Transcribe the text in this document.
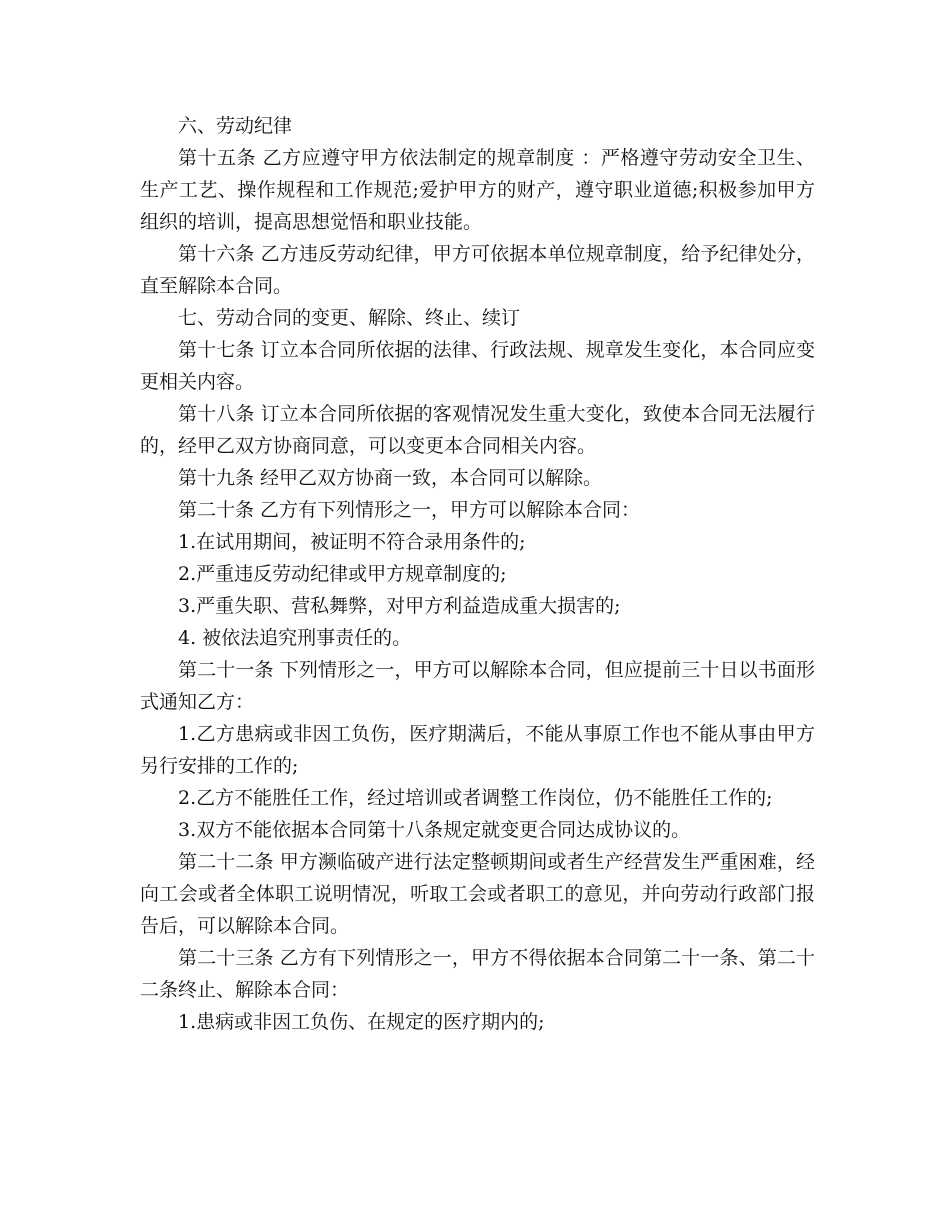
六、劳动纪律

第十五条 乙方应遵守甲方依法制定的规章制度 ：严格遵守劳动安全卫生、生产工艺、操作规程和工作规范;爱护甲方的财产，遵守职业道德;积极参加甲方组织的培训，提高思想觉悟和职业技能。

第十六条 乙方违反劳动纪律，甲方可依据本单位规章制度，给予纪律处分，直至解除本合同。

七、劳动合同的变更、解除、终止、续订

第十七条 订立本合同所依据的法律、行政法规、规章发生变化，本合同应变更相关内容。

第十八条 订立本合同所依据的客观情况发生重大变化，致使本合同无法履行的，经甲乙双方协商同意，可以变更本合同相关内容。

第十九条 经甲乙双方协商一致，本合同可以解除。

第二十条 乙方有下列情形之一，甲方可以解除本合同：

1.在试用期间，被证明不符合录用条件的;

2.严重违反劳动纪律或甲方规章制度的;

3.严重失职、营私舞弊，对甲方利益造成重大损害的;

4. 被依法追究刑事责任的。

第二十一条 下列情形之一，甲方可以解除本合同，但应提前三十日以书面形式通知乙方：

1.乙方患病或非因工负伤，医疗期满后，不能从事原工作也不能从事由甲方另行安排的工作的;

2.乙方不能胜任工作，经过培训或者调整工作岗位，仍不能胜任工作的;

3.双方不能依据本合同第十八条规定就变更合同达成协议的。

第二十二条 甲方濒临破产进行法定整顿期间或者生产经营发生严重困难，经向工会或者全体职工说明情况，听取工会或者职工的意见，并向劳动行政部门报告后，可以解除本合同。

第二十三条 乙方有下列情形之一，甲方不得依据本合同第二十一条、第二十二条终止、解除本合同：

1.患病或非因工负伤、在规定的医疗期内的;
